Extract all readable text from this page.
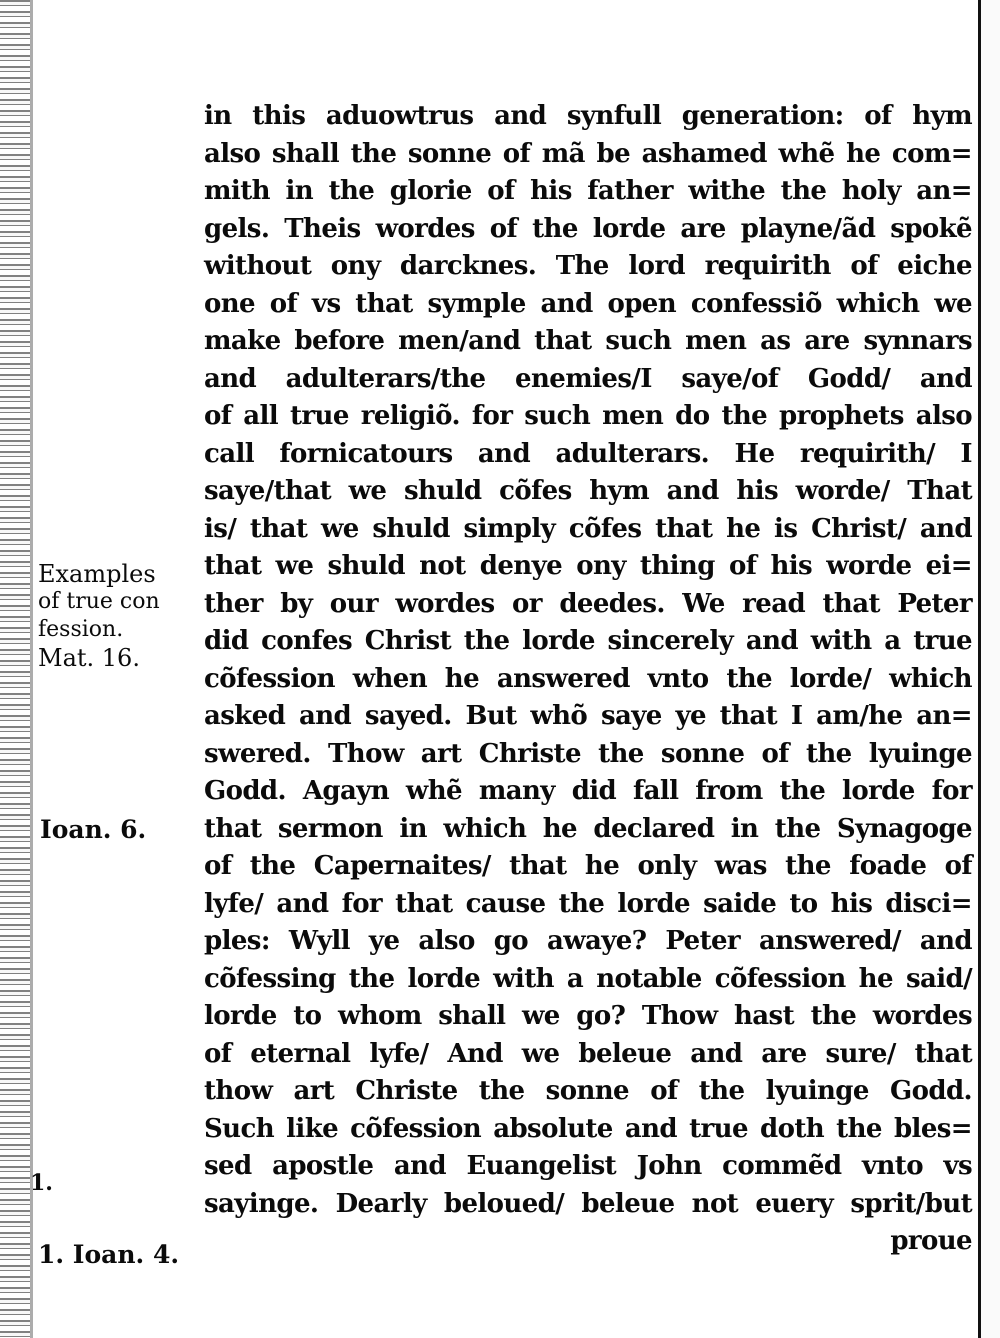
in this aduowtrus and synfull generation: of hym
also shall the sonne of mã be ashamed whẽ he com=
mith in the glorie of his father withe the holy an=
gels. Theis wordes of the lorde are playne/ãd spokẽ
without ony darcknes. The lord requirith of eiche
one of vs that symple and open confessiõ which we
make before men/and that such men as are synnars
and adulterars/the enemies/I saye/of Godd/ and
of all true religiõ. for such men do the prophets also
call fornicatours and adulterars. He requirith/ I
saye/that we shuld cõfes hym and his worde/ That
is/ that we shuld simply cõfes that he is Christ/ and
that we shuld not denye ony thing of his worde ei=
ther by our wordes or deedes. We read that Peter
did confes Christ the lorde sincerely and with a true
cõfession when he answered vnto the lorde/ which
asked and sayed. But whõ saye ye that I am/he an=
swered. Thow art Christe the sonne of the lyuinge
Godd. Agayn whẽ many did fall from the lorde for
that sermon in which he declared in the Synagoge
of the Capernaites/ that he only was the foade of
lyfe/ and for that cause the lorde saide to his disci=
ples: Wyll ye also go awaye? Peter answered/ and
cõfessing the lorde with a notable cõfession he said/
lorde to whom shall we go? Thow hast the wordes
of eternal lyfe/ And we beleue and are sure/ that
thow art Christe the sonne of the lyuinge Godd.
Such like cõfession absolute and true doth the bles=
sed apostle and Euangelist John commẽd vnto vs
sayinge. Dearly beloued/ beleue not euery sprit/but
proue
Examples
of true con
fession.
Mat. 16.
Ioan. 6.
1.
1. Ioan. 4.
